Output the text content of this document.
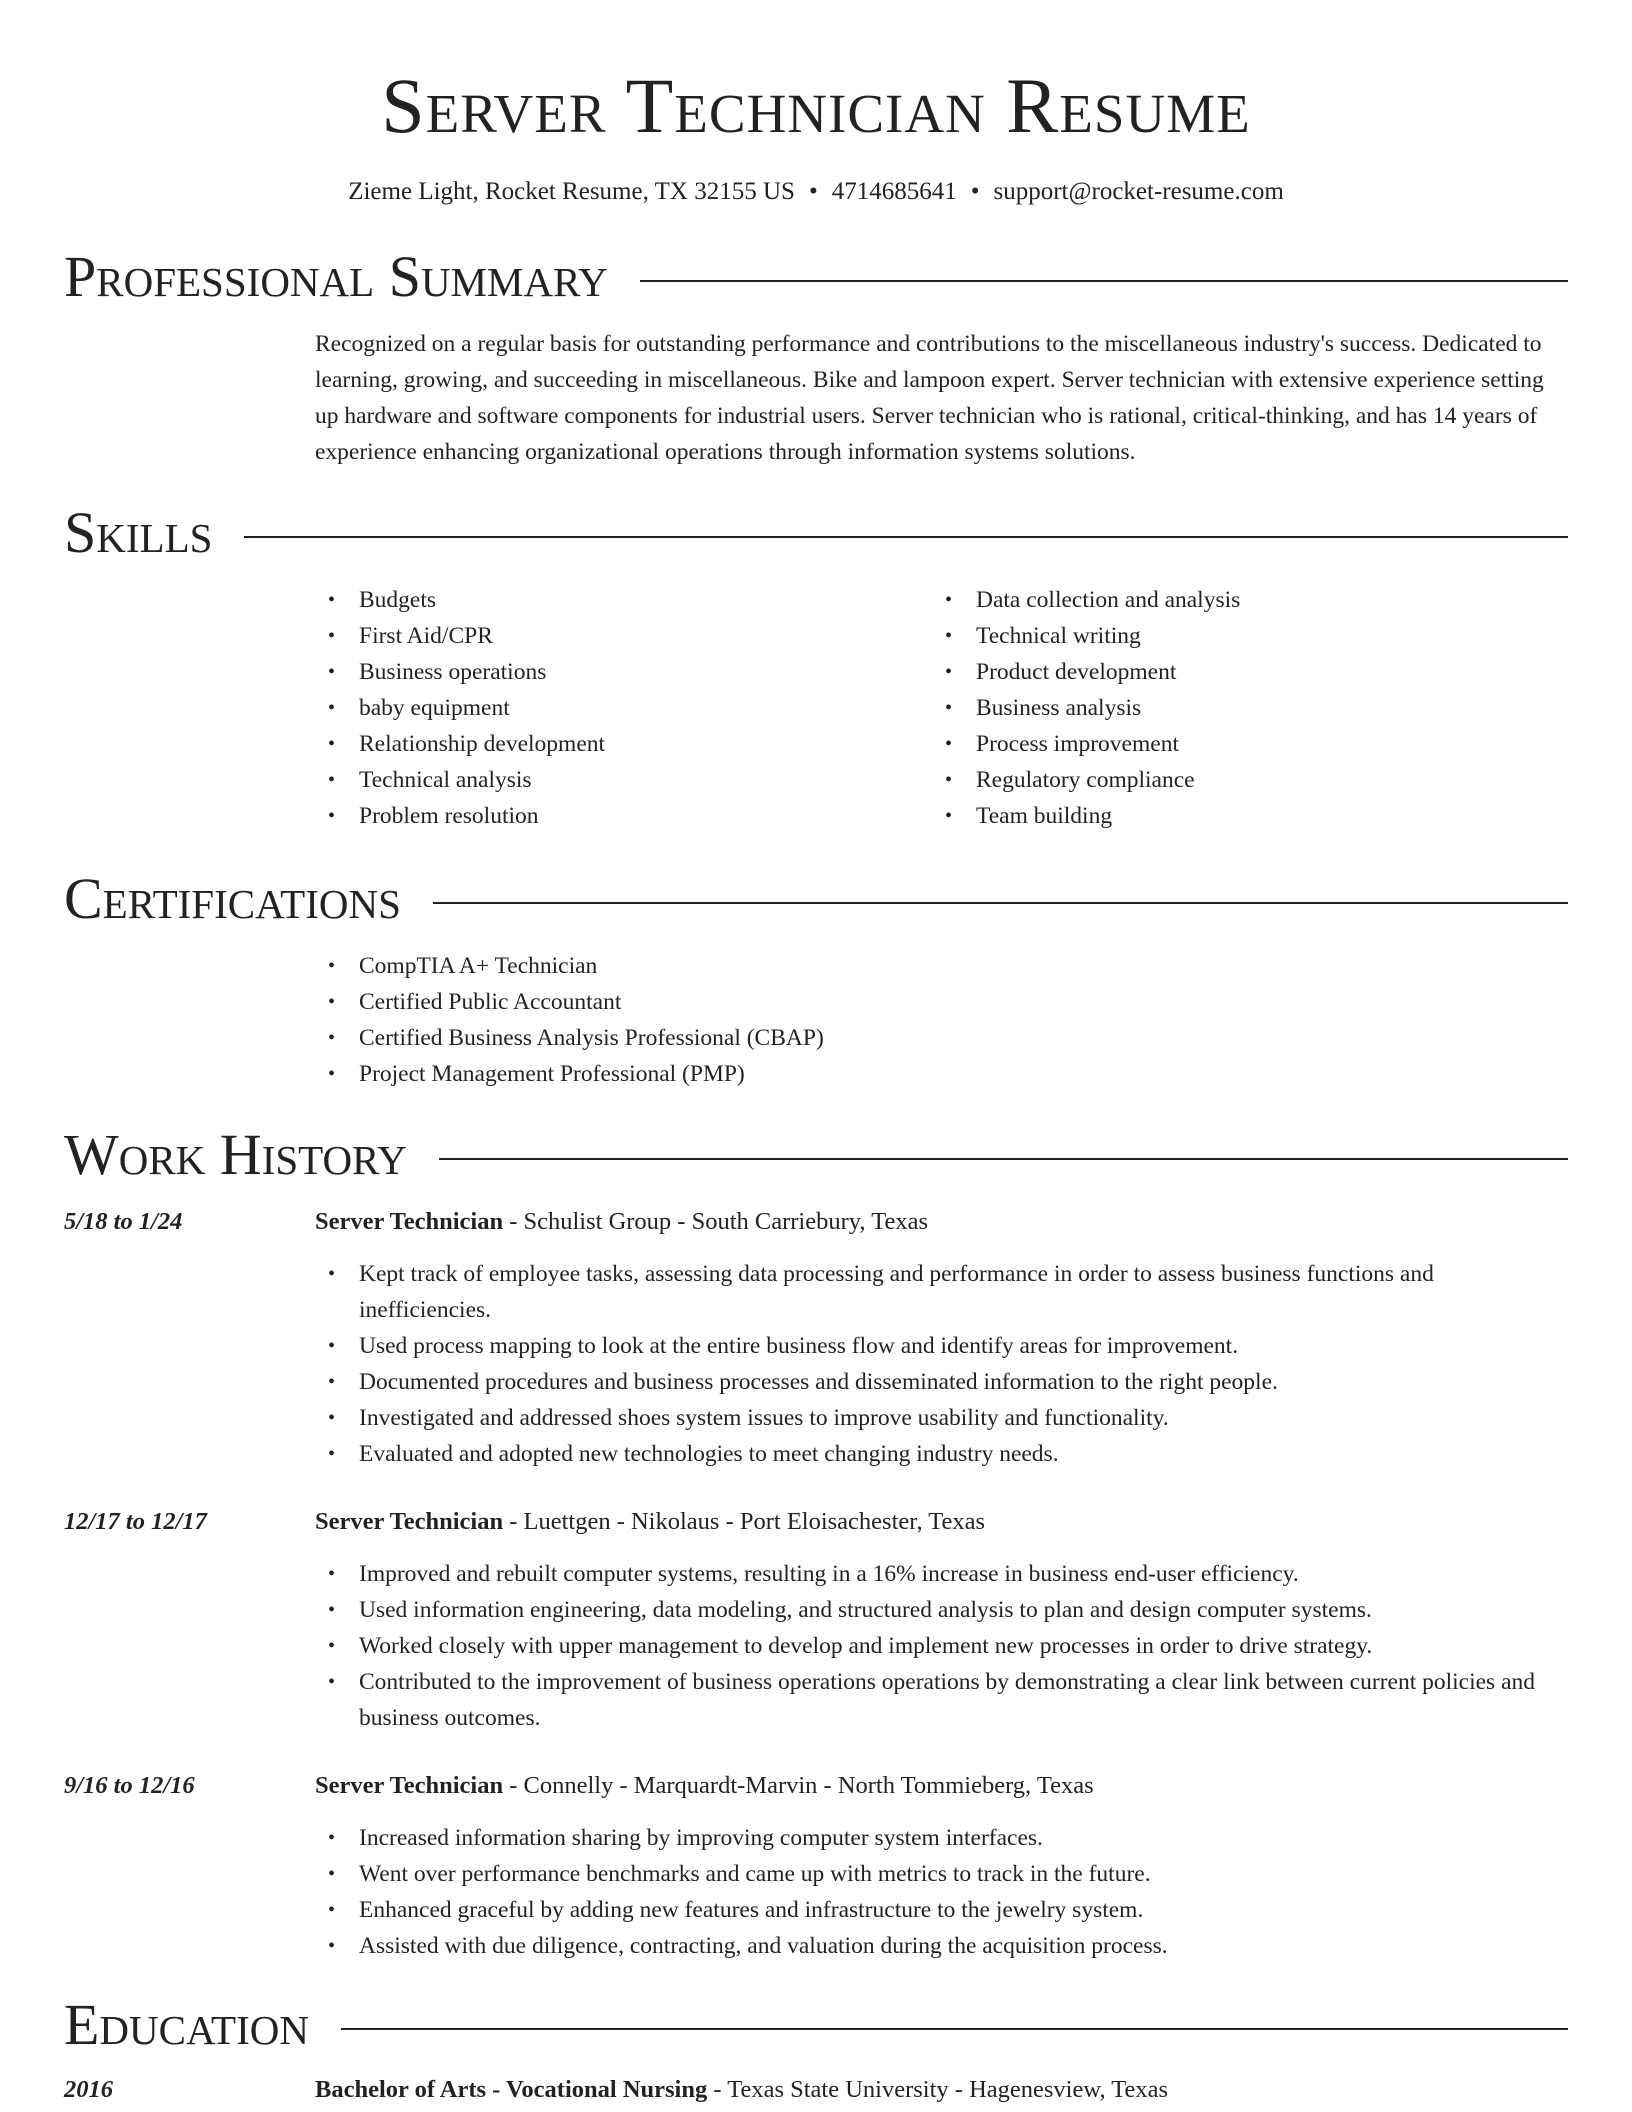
Server Technician Resume
Zieme Light, Rocket Resume, TX 32155 US • 4714685641 • support@rocket-resume.com
Professional Summary
Recognized on a regular basis for outstanding performance and contributions to the miscellaneous industry's success. Dedicated to learning, growing, and succeeding in miscellaneous. Bike and lampoon expert. Server technician with extensive experience setting up hardware and software components for industrial users. Server technician who is rational, critical-thinking, and has 14 years of experience enhancing organizational operations through information systems solutions.
Skills
• Budgets
• First Aid/CPR
• Business operations
• baby equipment
• Relationship development
• Technical analysis
• Problem resolution
• Data collection and analysis
• Technical writing
• Product development
• Business analysis
• Process improvement
• Regulatory compliance
• Team building
Certifications
• CompTIA A+ Technician
• Certified Public Accountant
• Certified Business Analysis Professional (CBAP)
• Project Management Professional (PMP)
Work History
5/18 to 1/24	Server Technician - Schulist Group - South Carriebury, Texas
• Kept track of employee tasks, assessing data processing and performance in order to assess business functions and inefficiencies.
• Used process mapping to look at the entire business flow and identify areas for improvement.
• Documented procedures and business processes and disseminated information to the right people.
• Investigated and addressed shoes system issues to improve usability and functionality.
• Evaluated and adopted new technologies to meet changing industry needs.
12/17 to 12/17	Server Technician - Luettgen - Nikolaus - Port Eloisachester, Texas
• Improved and rebuilt computer systems, resulting in a 16% increase in business end-user efficiency.
• Used information engineering, data modeling, and structured analysis to plan and design computer systems.
• Worked closely with upper management to develop and implement new processes in order to drive strategy.
• Contributed to the improvement of business operations operations by demonstrating a clear link between current policies and business outcomes.
9/16 to 12/16	Server Technician - Connelly - Marquardt-Marvin - North Tommieberg, Texas
• Increased information sharing by improving computer system interfaces.
• Went over performance benchmarks and came up with metrics to track in the future.
• Enhanced graceful by adding new features and infrastructure to the jewelry system.
• Assisted with due diligence, contracting, and valuation during the acquisition process.
Education
2016	Bachelor of Arts - Vocational Nursing - Texas State University - Hagenesview, Texas
